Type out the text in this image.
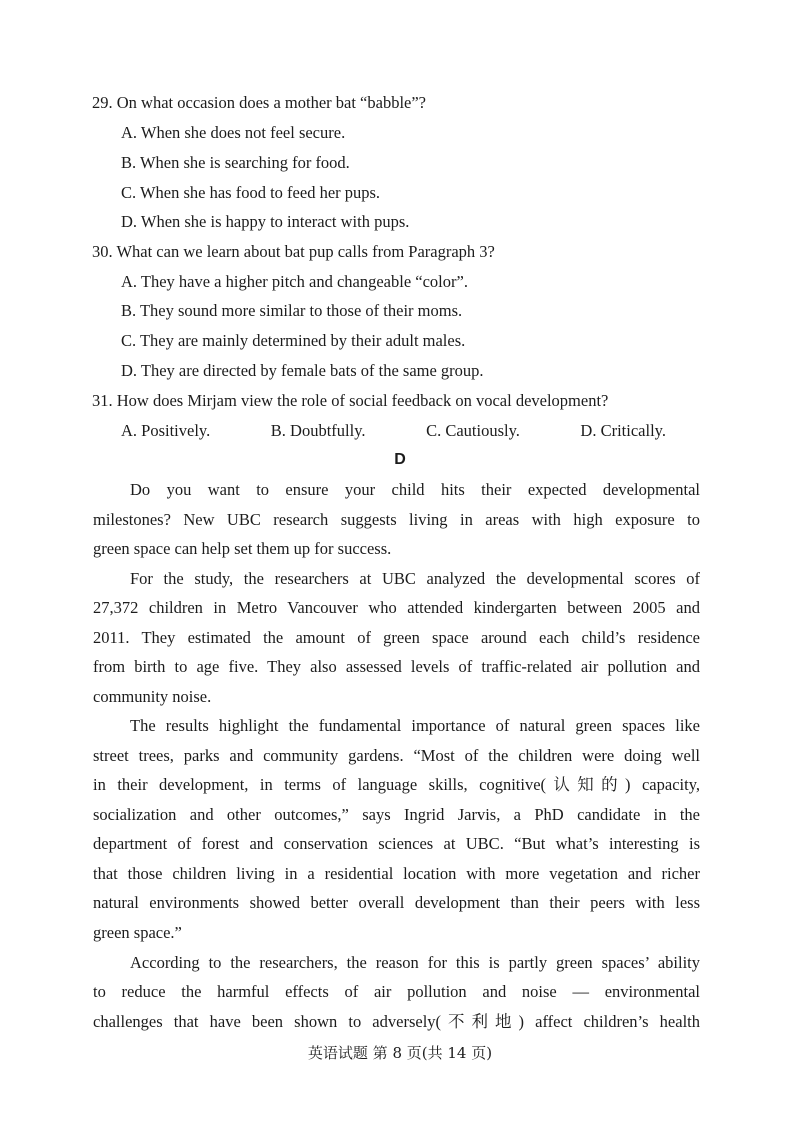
29. On what occasion does a mother bat “babble”?
A. When she does not feel secure.
B. When she is searching for food.
C. When she has food to feed her pups.
D. When she is happy to interact with pups.
30. What can we learn about bat pup calls from Paragraph 3?
A. They have a higher pitch and changeable “color”.
B. They sound more similar to those of their moms.
C. They are mainly determined by their adult males.
D. They are directed by female bats of the same group.
31. How does Mirjam view the role of social feedback on vocal development?
A. Positively.	B. Doubtfully.	C. Cautiously.	D. Critically.
D
Do you want to ensure your child hits their expected developmental
milestones? New UBC research suggests living in areas with high exposure to
green space can help set them up for success.
For the study, the researchers at UBC analyzed the developmental scores of
27,372 children in Metro Vancouver who attended kindergarten between 2005 and
2011. They estimated the amount of green space around each child’s residence
from birth to age five. They also assessed levels of traffic-related air pollution and
community noise.
The results highlight the fundamental importance of natural green spaces like
street trees, parks and community gardens. “Most of the children were doing well
in their development, in terms of language skills, cognitive(认知的) capacity,
socialization and other outcomes,” says Ingrid Jarvis, a PhD candidate in the
department of forest and conservation sciences at UBC. “But what’s interesting is
that those children living in a residential location with more vegetation and richer
natural environments showed better overall development than their peers with less
green space.”
According to the researchers, the reason for this is partly green spaces’ ability
to reduce the harmful effects of air pollution and noise — environmental
challenges that have been shown to adversely(不利地) affect children’s health
英语试题 第 8 页(共 14 页)
